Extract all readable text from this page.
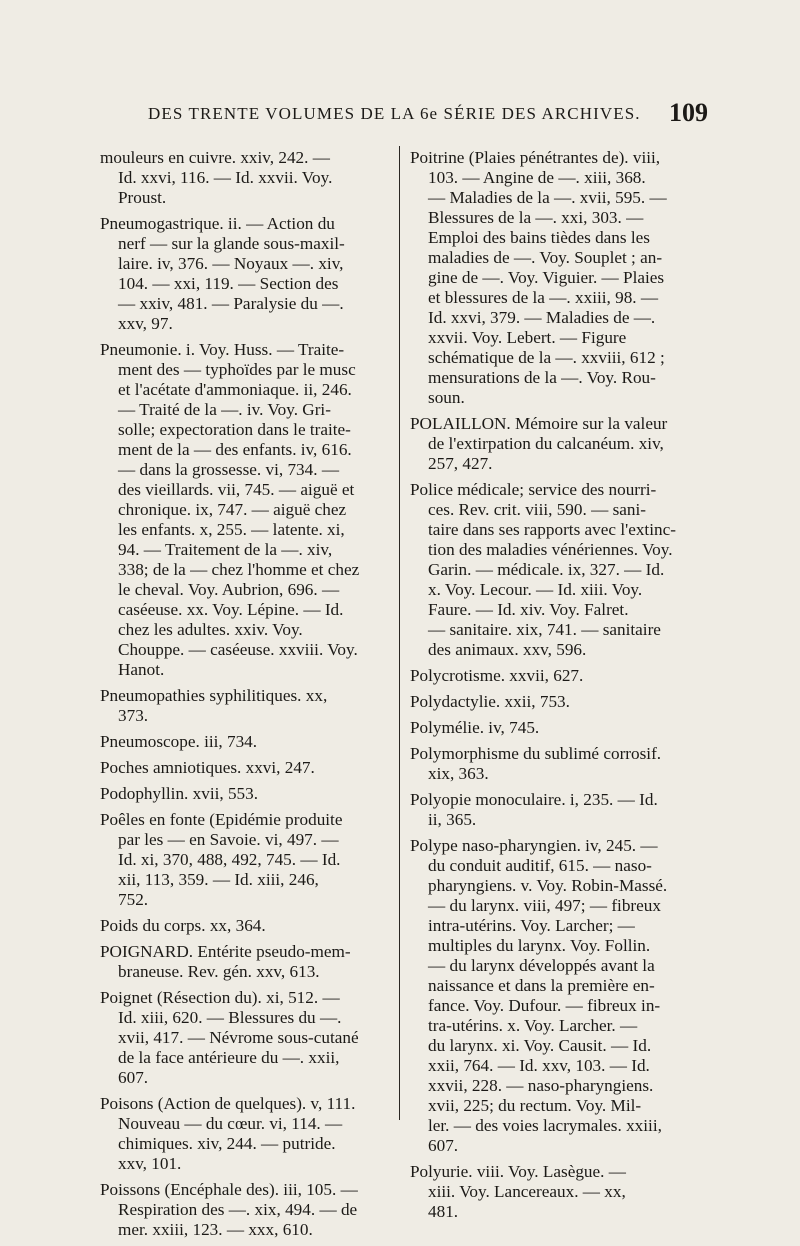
DES TRENTE VOLUMES DE LA 6e SÉRIE DES ARCHIVES. 109
mouleurs en cuivre. xxiv, 242. —
Id. xxvi, 116. — Id. xxvii. Voy.
Proust.
Pneumogastrique. ii. — Action du
nerf — sur la glande sous-maxil-
laire. iv, 376. — Noyaux —. xiv,
104. — xxi, 119. — Section des
— xxiv, 481. — Paralysie du —.
xxv, 97.
Pneumonie. i. Voy. Huss. — Traite-
ment des — typhoïdes par le musc
et l'acétate d'ammoniaque. ii, 246.
— Traité de la —. iv. Voy. Gri-
solle; expectoration dans le traite-
ment de la — des enfants. iv, 616.
— dans la grossesse. vi, 734. —
des vieillards. vii, 745. — aiguë et
chronique. ix, 747. — aiguë chez
les enfants. x, 255. — latente. xi,
94. — Traitement de la —. xiv,
338; de la — chez l'homme et chez
le cheval. Voy. Aubrion, 696. —
caséeuse. xx. Voy. Lépine. — Id.
chez les adultes. xxiv. Voy.
Chouppe. — caséeuse. xxviii. Voy.
Hanot.
Pneumopathies syphilitiques. xx,
373.
Pneumoscope. iii, 734.
Poches amniotiques. xxvi, 247.
Podophyllin. xvii, 553.
Poêles en fonte (Epidémie produite
par les — en Savoie. vi, 497. —
Id. xi, 370, 488, 492, 745. — Id.
xii, 113, 359. — Id. xiii, 246,
752.
Poids du corps. xx, 364.
POIGNARD. Entérite pseudo-mem-
braneuse. Rev. gén. xxv, 613.
Poignet (Résection du). xi, 512. —
Id. xiii, 620. — Blessures du —.
xvii, 417. — Névrome sous-cutané
de la face antérieure du —. xxii,
607.
Poisons (Action de quelques). v, 111.
Nouveau — du cœur. vi, 114. —
chimiques. xiv, 244. — putride.
xxv, 101.
Poissons (Encéphale des). iii, 105. —
Respiration des —. xix, 494. — de
mer. xxiii, 123. — xxx, 610.
Poitrine (Plaies pénétrantes de). viii,
103. — Angine de —. xiii, 368.
— Maladies de la —. xvii, 595. —
Blessures de la —. xxi, 303. —
Emploi des bains tièdes dans les
maladies de —. Voy. Souplet ; an-
gine de —. Voy. Viguier. — Plaies
et blessures de la —. xxiii, 98. —
Id. xxvi, 379. — Maladies de —.
xxvii. Voy. Lebert. — Figure
schématique de la —. xxviii, 612 ;
mensurations de la —. Voy. Rou-
soun.
POLAILLON. Mémoire sur la valeur
de l'extirpation du calcanéum. xiv,
257, 427.
Police médicale; service des nourri-
ces. Rev. crit. viii, 590. — sani-
taire dans ses rapports avec l'extinc-
tion des maladies vénériennes. Voy.
Garin. — médicale. ix, 327. — Id.
x. Voy. Lecour. — Id. xiii. Voy.
Faure. — Id. xiv. Voy. Falret.
— sanitaire. xix, 741. — sanitaire
des animaux. xxv, 596.
Polycrotisme. xxvii, 627.
Polydactylie. xxii, 753.
Polymélie. iv, 745.
Polymorphisme du sublimé corrosif.
xix, 363.
Polyopie monoculaire. i, 235. — Id.
ii, 365.
Polype naso-pharyngien. iv, 245. —
du conduit auditif, 615. — naso-
pharyngiens. v. Voy. Robin-Massé.
— du larynx. viii, 497; — fibreux
intra-utérins. Voy. Larcher; —
multiples du larynx. Voy. Follin.
— du larynx développés avant la
naissance et dans la première en-
fance. Voy. Dufour. — fibreux in-
tra-utérins. x. Voy. Larcher. —
du larynx. xi. Voy. Causit. — Id.
xxii, 764. — Id. xxv, 103. — Id.
xxvii, 228. — naso-pharyngiens.
xvii, 225; du rectum. Voy. Mil-
ler. — des voies lacrymales. xxiii,
607.
Polyurie. viii. Voy. Lasègue. —
xiii. Voy. Lancereaux. — xx,
481.
